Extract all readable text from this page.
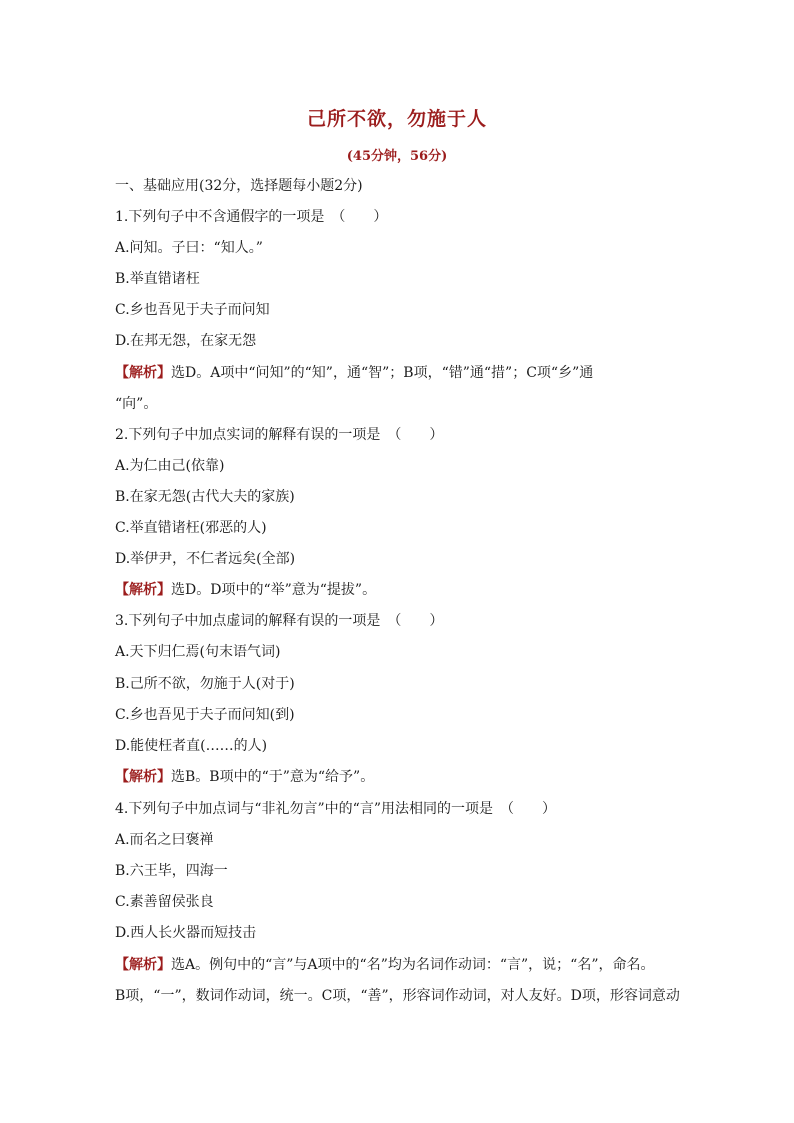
己所不欲，勿施于人
(45分钟，56分)
一、基础应用(32分，选择题每小题2分)
1.下列句子中不含通假字的一项是　（　　）
A.问知。子曰：“知人。”
B.举直错诸枉
C.乡也吾见于夫子而问知
D.在邦无怨，在家无怨
【解析】选D。A项中“问知”的“知”，通“智”；B项，“错”通“措”；C项“乡”通
“向”。
2.下列句子中加点实词的解释有误的一项是　（　　）
A.为仁由己(依靠)
B.在家无怨(古代大夫的家族)
C.举直错诸枉(邪恶的人)
D.举伊尹，不仁者远矣(全部)
【解析】选D。D项中的“举”意为“提拔”。
3.下列句子中加点虚词的解释有误的一项是　（　　）
A.天下归仁焉(句末语气词)
B.己所不欲，勿施于人(对于)
C.乡也吾见于夫子而问知(到)
D.能使枉者直(……的人)
【解析】选B。B项中的“于”意为“给予”。
4.下列句子中加点词与“非礼勿言”中的“言”用法相同的一项是　（　　）
A.而名之曰褒禅
B.六王毕，四海一
C.素善留侯张良
D.西人长火器而短技击
【解析】选A。例句中的“言”与A项中的“名”均为名词作动词：“言”，说；“名”，命名。
B项，“一”，数词作动词，统一。C项，“善”，形容词作动词，对人友好。D项，形容词意动
